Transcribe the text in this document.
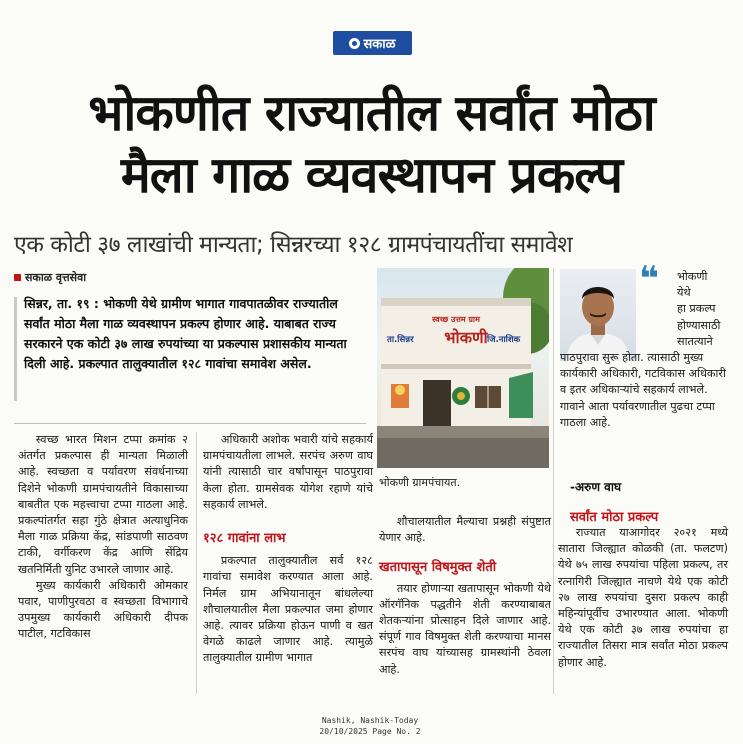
सकाळ
भोकणीत राज्यातील सर्वांत मोठा
मैला गाळ व्यवस्थापन प्रकल्प
एक कोटी ३७ लाखांची मान्यता; सिन्नरच्या १२८ ग्रामपंचायतींचा समावेश
सकाळ वृत्तसेवा
सिन्नर, ता. १९ : भोकणी येथे ग्रामीण भागात गावपातळीवर राज्यातील सर्वांत मोठा मैला गाळ व्यवस्थापन प्रकल्प होणार आहे. याबाबत राज्य सरकारने एक कोटी ३७ लाख रुपयांच्या या प्रकल्पास प्रशासकीय मान्यता दिली आहे. प्रकल्पात तालुक्यातील १२८ गावांचा समावेश असेल.

स्वच्छ भारत मिशन टप्पा क्रमांक २ अंतर्गत प्रकल्पास ही मान्यता मिळाली आहे. स्वच्छता व पर्यावरण संवर्धनाच्या दिशेने भोकणी ग्रामपंचायतीने विकासाच्या बाबतीत एक महत्त्वाचा टप्पा गाठला आहे. प्रकल्पांतर्गत सहा गुंठे क्षेत्रात अत्याधुनिक मैला गाळ प्रक्रिया केंद्र, सांडपाणी साठवण टाकी, वर्गीकरण केंद्र आणि सेंद्रिय खतनिर्मिती युनिट उभारले जाणार आहे.

मुख्य कार्यकारी अधिकारी ओमकार पवार, पाणीपुरवठा व स्वच्छता विभागाचे उपमुख्य कार्यकारी अधिकारी दीपक पाटील, गटविकास

अधिकारी अशोक भवारी यांचे सहकार्य ग्रामपंचायतीला लाभले. सरपंच अरुण वाघ यांनी त्यासाठी चार वर्षांपासून पाठपुरावा केला होता. ग्रामसेवक योगेश रहाणे यांचे सहकार्य लाभले.

१२८ गावांना लाभ

प्रकल्पात तालुक्यातील सर्व १२८ गावांचा समावेश करण्यात आला आहे. निर्मल ग्राम अभियानातून बांधलेल्या शौचालयातील मैला प्रकल्पात जमा होणार आहे. त्यावर प्रक्रिया होऊन पाणी व खत वेगळे काढले जाणार आहे. त्यामुळे तालुक्यातील ग्रामीण भागात

स्वच्छ उत्तम ग्राम
भोकणी
ता.सिन्नर	जि.नाशिक
भोकणी ग्रामपंचायत.

शौचालयातील मैल्याचा प्रश्नही संपुष्टात येणार आहे.

खतापासून विषमुक्त शेती

तयार होणाऱ्या खतापासून भोकणी येथे ऑरगॅनिक पद्धतीने शेती करण्याबाबत शेतकऱ्यांना प्रोत्साहन दिले जाणार आहे. संपूर्ण गाव विषमुक्त शेती करण्याचा मानस सरपंच वाघ यांच्यासह ग्रामस्थांनी ठेवला आहे.

❝	भोकणी
येथे
हा प्रकल्प
होण्यासाठी
सातत्याने
पाठपुरावा सुरू होता. त्यासाठी मुख्य कार्यकारी अधिकारी, गटविकास अधिकारी व इतर अधिकाऱ्यांचे सहकार्य लाभले. गावाने आता पर्यावरणातील पुढचा टप्पा गाठला आहे.
-अरुण वाघ
सर्वांत मोठा प्रकल्प

राज्यात याआगोदर २०२१ मध्ये सातारा जिल्ह्यात कोळकी (ता. फलटण) येथे ७५ लाख रुपयांचा पहिला प्रकल्प, तर रत्नागिरी जिल्ह्यात नाचणे येथे एक कोटी २७ लाख रुपयांचा दुसरा प्रकल्प काही महिन्यांपूर्वीच उभारण्यात आला. भोकणी येथे एक कोटी ३७ लाख रुपयांचा हा राज्यातील तिसरा मात्र सर्वांत मोठा प्रकल्प होणार आहे.

Nashik, Nashik-Today
20/10/2025 Page No. 2
